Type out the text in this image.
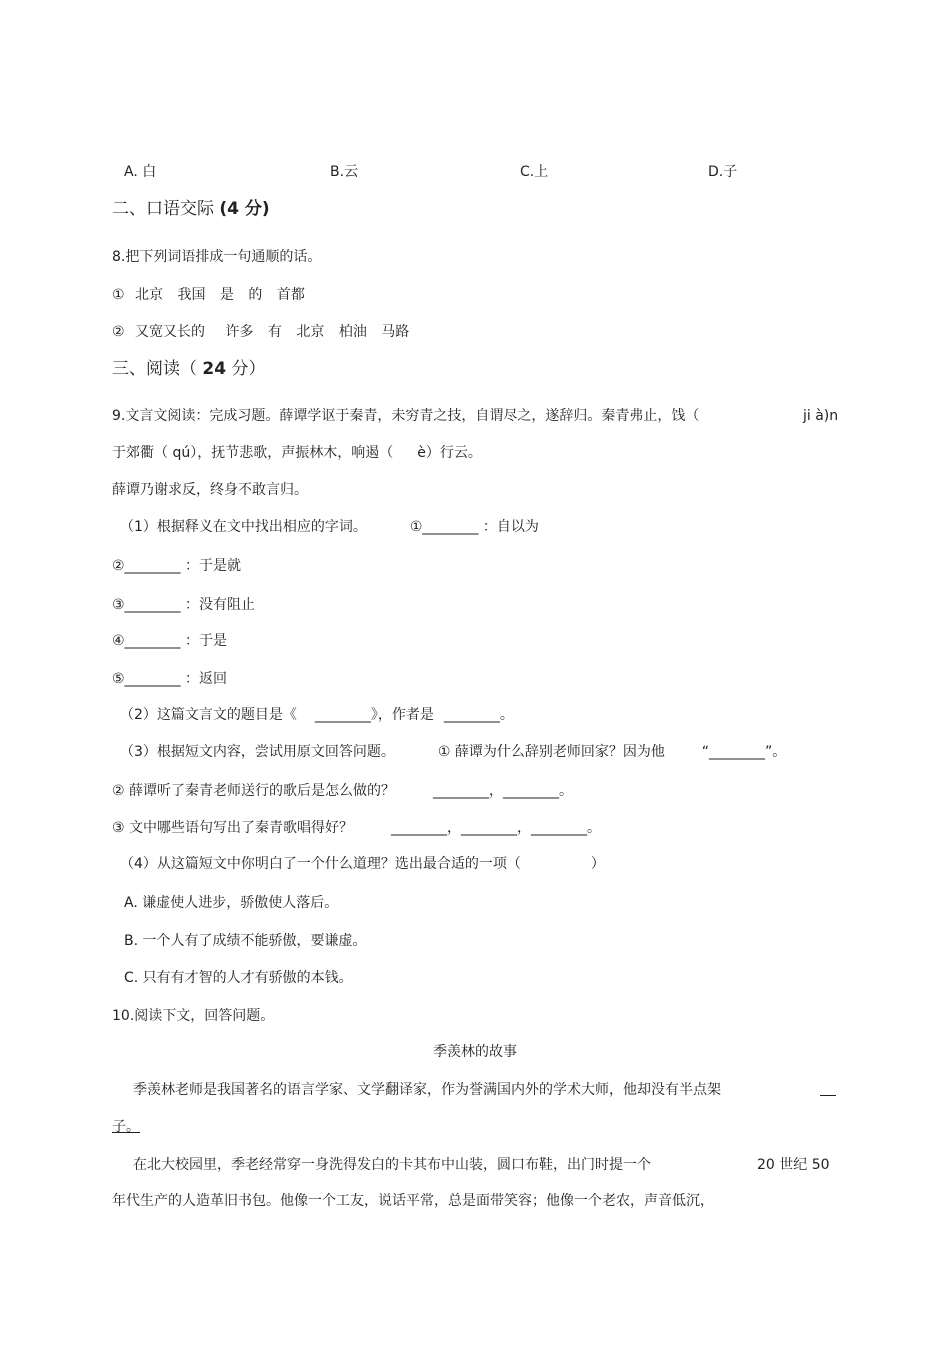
A. 白	B.云	C.上	D.子
二、口语交际 (4 分)
8.把下列词语排成一句通顺的话。
① 北京 我国 是 的 首都
② 又宽又长的 许多 有 北京 柏油 马路
三、阅读（ 24 分）
9.文言文阅读：完成习题。薛谭学讴于秦青，未穷青之技，自谓尽之，遂辞归。秦青弗止，饯（	ji à)n
于郊衢（ qú），抚节悲歌，声振林木，响遏（ è）行云。
薛谭乃谢求反，终身不敢言归。
（1）根据释义在文中找出相应的字词。	①________ ：自以为
②________ ：于是就
③________ ：没有阻止
④________ ：于是
⑤________ ：返回
（2）这篇文言文的题目是《 ________》，作者是 ________。
（3）根据短文内容，尝试用原文回答问题。	① 薛谭为什么辞别老师回家？因为他	“________”。
② 薛谭听了秦青老师送行的歌后是怎么做的？	________，________。
③ 文中哪些语句写出了秦青歌唱得好？	________，________，________。
（4）从这篇短文中你明白了一个什么道理？选出最合适的一项（	）
A. 谦虚使人进步，骄傲使人落后。
B. 一个人有了成绩不能骄傲，要谦虚。
C. 只有有才智的人才有骄傲的本钱。
10.阅读下文，回答问题。
季羡林的故事
季羡林老师是我国著名的语言学家、文学翻译家，作为誉满国内外的学术大师，他却没有半点架
子。
在北大校园里，季老经常穿一身洗得发白的卡其布中山装，圆口布鞋，出门时提一个	20 世纪 50
年代生产的人造革旧书包。他像一个工友，说话平常，总是面带笑容；他像一个老农，声音低沉，
